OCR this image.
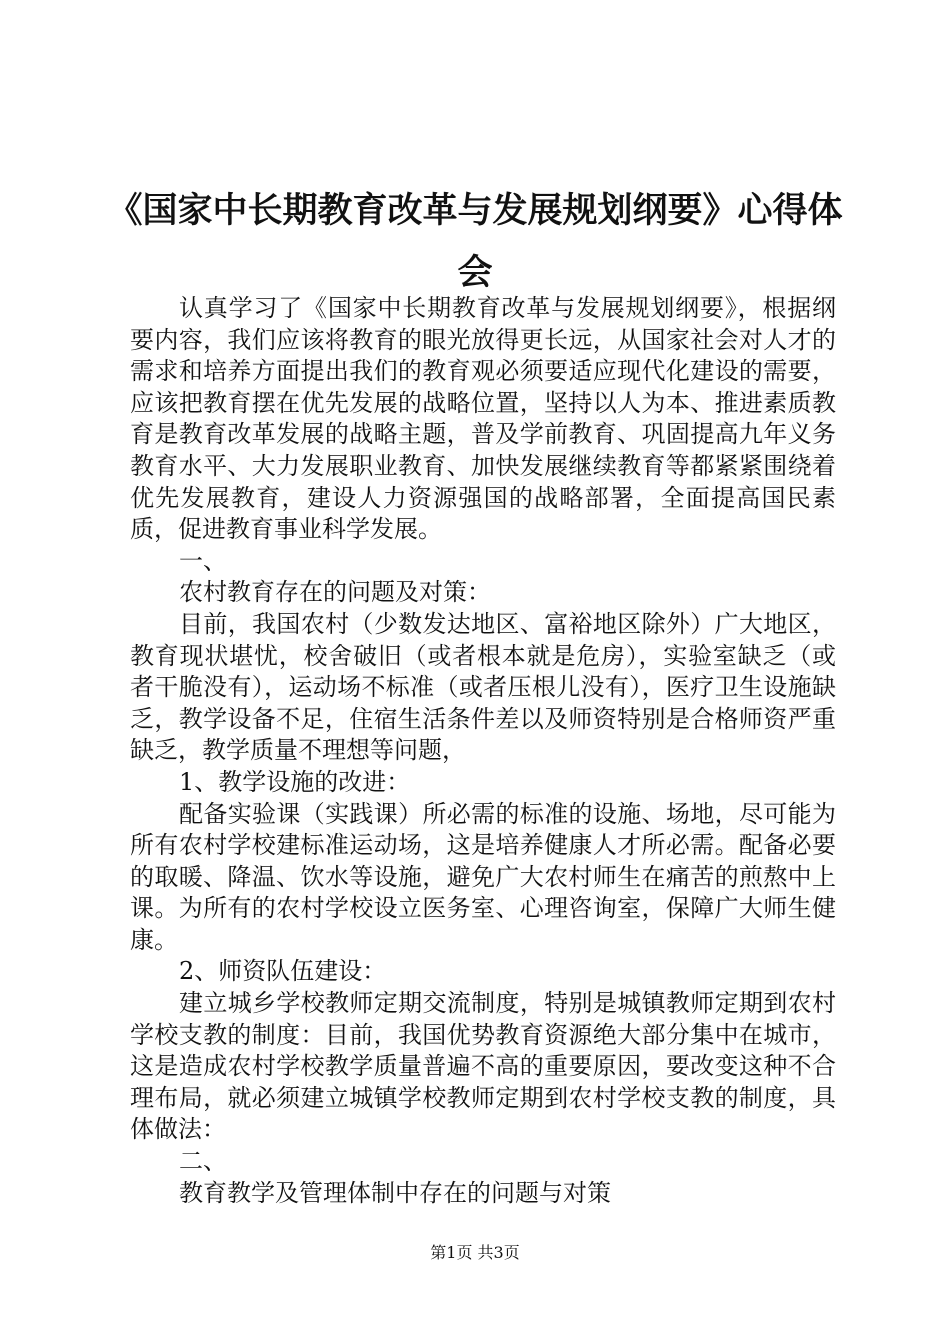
《国家中长期教育改革与发展规划纲要》心得体会

认真学习了《国家中长期教育改革与发展规划纲要》，根据纲要内容，我们应该将教育的眼光放得更长远，从国家社会对人才的需求和培养方面提出我们的教育观必须要适应现代化建设的需要，应该把教育摆在优先发展的战略位置，坚持以人为本、推进素质教育是教育改革发展的战略主题，普及学前教育、巩固提高九年义务教育水平、大力发展职业教育、加快发展继续教育等都紧紧围绕着优先发展教育，建设人力资源强国的战略部署，全面提高国民素质，促进教育事业科学发展。

一、

农村教育存在的问题及对策：

目前，我国农村（少数发达地区、富裕地区除外）广大地区，教育现状堪忧，校舍破旧（或者根本就是危房），实验室缺乏（或者干脆没有），运动场不标准（或者压根儿没有），医疗卫生设施缺乏，教学设备不足，住宿生活条件差以及师资特别是合格师资严重缺乏，教学质量不理想等问题，

1、教学设施的改进：

配备实验课（实践课）所必需的标准的设施、场地，尽可能为所有农村学校建标准运动场，这是培养健康人才所必需。配备必要的取暖、降温、饮水等设施，避免广大农村师生在痛苦的煎熬中上课。为所有的农村学校设立医务室、心理咨询室，保障广大师生健康。

2、师资队伍建设：

建立城乡学校教师定期交流制度，特别是城镇教师定期到农村学校支教的制度：目前，我国优势教育资源绝大部分集中在城市，这是造成农村学校教学质量普遍不高的重要原因，要改变这种不合理布局，就必须建立城镇学校教师定期到农村学校支教的制度，具体做法：

二、

教育教学及管理体制中存在的问题与对策

第1页 共3页
